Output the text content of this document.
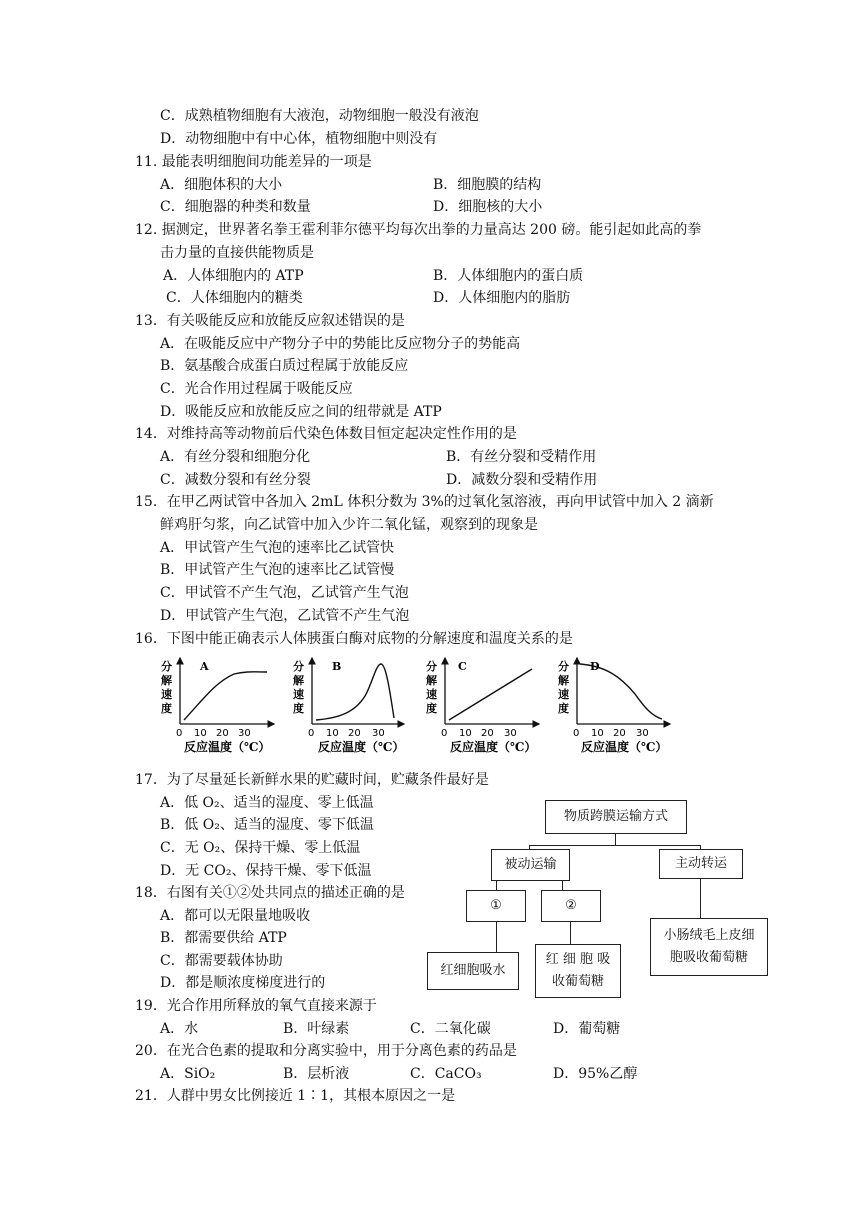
C．成熟植物细胞有大液泡，动物细胞一般没有液泡
D．动物细胞中有中心体，植物细胞中则没有
11. 最能表明细胞间功能差异的一项是
A．细胞体积的大小	B．细胞膜的结构
C．细胞器的种类和数量	D．细胞核的大小
12. 据测定，世界著名拳王霍利菲尔德平均每次出拳的力量高达 200 磅。能引起如此高的拳
击力量的直接供能物质是
A．人体细胞内的 ATP	B．人体细胞内的蛋白质
C．人体细胞内的糖类	D．人体细胞内的脂肪
13．有关吸能反应和放能反应叙述错误的是
A．在吸能反应中产物分子中的势能比反应物分子的势能高
B．氨基酸合成蛋白质过程属于放能反应
C．光合作用过程属于吸能反应
D．吸能反应和放能反应之间的纽带就是 ATP
14．对维持高等动物前后代染色体数目恒定起决定性作用的是
A．有丝分裂和细胞分化	B．有丝分裂和受精作用
C．减数分裂和有丝分裂	D．减数分裂和受精作用
15．在甲乙两试管中各加入 2mL 体积分数为 3%的过氧化氢溶液，再向甲试管中加入 2 滴新
鲜鸡肝匀浆，向乙试管中加入少许二氧化锰，观察到的现象是
A．甲试管产生气泡的速率比乙试管快
B．甲试管产生气泡的速率比乙试管慢
C．甲试管不产生气泡，乙试管产生气泡
D．甲试管产生气泡，乙试管不产生气泡
16．下图中能正确表示人体胰蛋白酶对底物的分解速度和温度关系的是
17．为了尽量延长新鲜水果的贮藏时间，贮藏条件最好是
A．低 O₂、适当的湿度、零上低温
B．低 O₂、适当的湿度、零下低温
C．无 O₂、保持干燥、零上低温
D．无 CO₂、保持干燥、零下低温
18．右图有关①②处共同点的描述正确的是
A．都可以无限量地吸收
B．都需要供给 ATP
C．都需要载体协助
D．都是顺浓度梯度进行的
19．光合作用所释放的氧气直接来源于
A．水	B．叶绿素	C．二氧化碳	D．葡萄糖
20．在光合色素的提取和分离实验中，用于分离色素的药品是
A．SiO₂	B．层析液	C．CaCO₃	D．95%乙醇
21．人群中男女比例接近 1∶1，其根本原因之一是
分
解
速
度
A
0 10 20 30
反应温度（℃）
分
解
速
度
B
0 10 20 30
反应温度（℃）
分
解
速
度
C
0 10 20 30
反应温度（℃）
分
解
速
度
D
0 10 20 30
反应温度（℃）
物质跨膜运输方式
被动运输	主动转运
①	②
红细胞吸水
红 细 胞 吸
收葡萄糖
小肠绒毛上皮细
胞吸收葡萄糖
